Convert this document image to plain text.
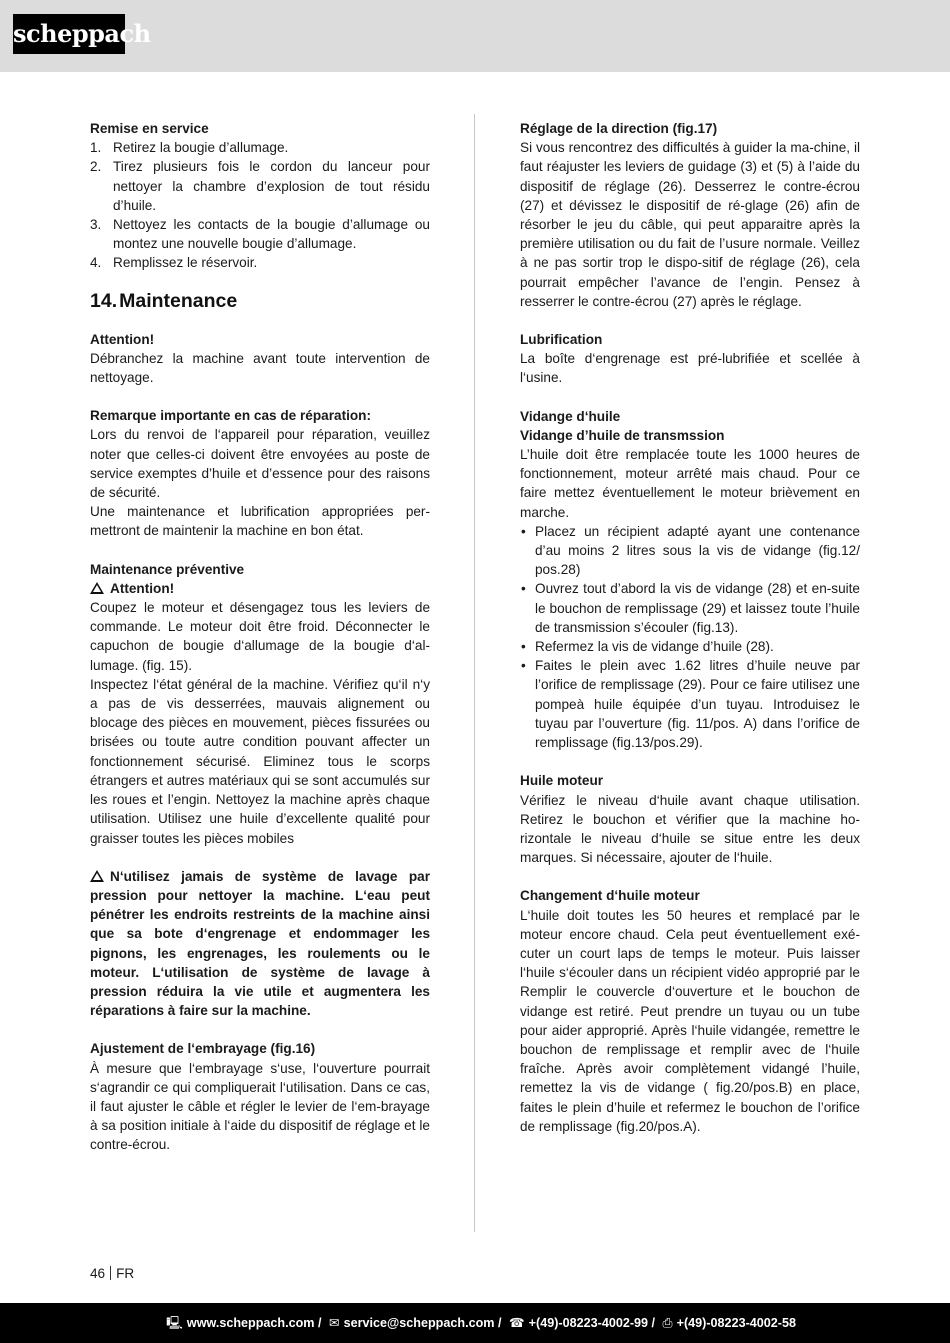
scheppach

Remise en service

1. Retirez la bougie d’allumage.
2. Tirez plusieurs fois le cordon du lanceur pour nettoyer la chambre d’explosion de tout résidu d’huile.
3. Nettoyez les contacts de la bougie d’allumage ou montez une nouvelle bougie d’allumage.
4. Remplissez le réservoir.
14. Maintenance

Attention!

Débranchez la machine avant toute intervention de nettoyage.

Remarque importante en cas de réparation:

Lors du renvoi de l‘appareil pour réparation, veuillez noter que celles-ci doivent être envoyées au poste de service exemptes d’huile et d’essence pour des raisons de sécurité.

Une maintenance et lubrification appropriées per-mettront de maintenir la machine en bon état.

Maintenance préventive

Attention!

Coupez le moteur et désengagez tous les leviers de commande. Le moteur doit être froid. Déconnecter le capuchon de bougie d‘allumage de la bougie d‘al-lumage. (fig. 15).

Inspectez l‘état général de la machine. Vérifiez qu‘il n‘y a pas de vis desserrées, mauvais alignement ou blocage des pièces en mouvement, pièces fissurées ou brisées ou toute autre condition pouvant affecter un fonctionnement sécurisé. Eliminez tous le scorps étrangers et autres matériaux qui se sont accumulés sur les roues et l’engin. Nettoyez la machine après chaque utilisation. Utilisez une huile d’excellente qualité pour graisser toutes les pièces mobiles

N‘utilisez jamais de système de lavage par pression pour nettoyer la machine. L‘eau peut pénétrer les endroits restreints de la machine ainsi que sa bote d‘engrenage et endommager les pignons, les engrenages, les roulements ou le moteur. L‘utilisation de système de lavage à pression réduira la vie utile et augmentera les réparations à faire sur la machine.

Ajustement de l‘embrayage (fig.16)

À mesure que l‘embrayage s‘use, l‘ouverture pourrait s‘agrandir ce qui compliquerait l‘utilisation. Dans ce cas, il faut ajuster le câble et régler le levier de l‘em-brayage à sa position initiale à l‘aide du dispositif de réglage et le contre-écrou.

Réglage de la direction (fig.17)

Si vous rencontrez des difficultés à guider la ma-chine, il faut réajuster les leviers de guidage (3) et (5) à l’aide du dispositif de réglage (26). Desserrez le contre-écrou (27) et dévissez le dispositif de ré-glage (26) afin de résorber le jeu du câble, qui peut apparaitre après la première utilisation ou du fait de l’usure normale. Veillez à ne pas sortir trop le dispo-sitif de réglage (26), cela pourrait empêcher l’avance de l’engin. Pensez à resserrer le contre-écrou (27) après le réglage.

Lubrification

La boîte d‘engrenage est pré-lubrifiée et scellée à l‘usine.

Vidange d‘huile

Vidange d’huile de transmssion

L’huile doit être remplacée toute les 1000 heures de fonctionnement, moteur arrêté mais chaud. Pour ce faire mettez éventuellement le moteur brièvement en marche.

• Placez un récipient adapté ayant une contenance d’au moins 2 litres sous la vis de vidange (fig.12/ pos.28)
• Ouvrez tout d’abord la vis de vidange (28) et en-suite le bouchon de remplissage (29) et laissez toute l’huile de transmission s’écouler (fig.13).
• Refermez la vis de vidange d’huile (28).
• Faites le plein avec 1.62 litres d’huile neuve par l’orifice de remplissage (29). Pour ce faire utilisez une pompeà huile équipée d’un tuyau. Introduisez le tuyau par l’ouverture (fig. 11/pos. A) dans l’orifice de remplissage (fig.13/pos.29).

Huile moteur

Vérifiez le niveau d‘huile avant chaque utilisation. Retirez le bouchon et vérifier que la machine ho-rizontale le niveau d‘huile se situe entre les deux marques. Si nécessaire, ajouter de l‘huile.

Changement d‘huile moteur

L‘huile doit toutes les 50 heures et remplacé par le moteur encore chaud. Cela peut éventuellement exé-cuter un court laps de temps le moteur. Puis laisser l‘huile s‘écouler dans un récipient vidéo approprié par le Remplir le couvercle d‘ouverture et le bouchon de vidange est retiré. Peut prendre un tuyau ou un tube pour aider approprié. Après l‘huile vidangée, remettre le bouchon de remplissage et remplir avec de l‘huile fraîche. Après avoir complètement vidangé l’huile, remettez la vis de vidange ( fig.20/pos.B) en place, faites le plein d’huile et refermez le bouchon de l’orifice de remplissage (fig.20/pos.A).

46 FR
🖳 www.scheppach.com / ✉ service@scheppach.com / ☎ +(49)-08223-4002-99 / ⎙ +(49)-08223-4002-58
